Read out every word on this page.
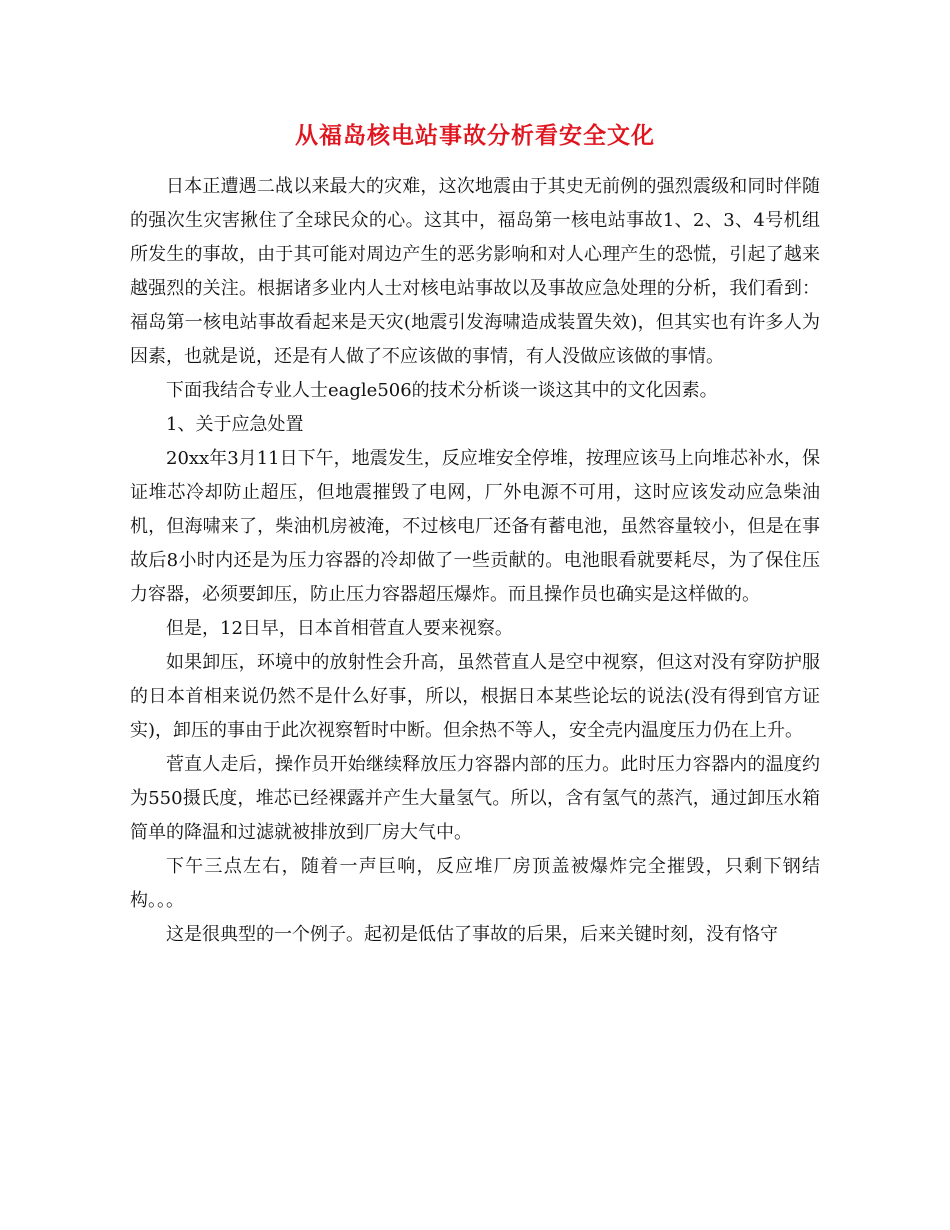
从福岛核电站事故分析看安全文化

日本正遭遇二战以来最大的灾难，这次地震由于其史无前例的强烈震级和同时伴随的强次生灾害揪住了全球民众的心。这其中，福岛第一核电站事故1、2、3、4号机组所发生的事故，由于其可能对周边产生的恶劣影响和对人心理产生的恐慌，引起了越来越强烈的关注。根据诸多业内人士对核电站事故以及事故应急处理的分析，我们看到：福岛第一核电站事故看起来是天灾(地震引发海啸造成装置失效)，但其实也有许多人为因素，也就是说，还是有人做了不应该做的事情，有人没做应该做的事情。

下面我结合专业人士eagle506的技术分析谈一谈这其中的文化因素。

1、关于应急处置

20xx年3月11日下午，地震发生，反应堆安全停堆，按理应该马上向堆芯补水，保证堆芯冷却防止超压，但地震摧毁了电网，厂外电源不可用，这时应该发动应急柴油机，但海啸来了，柴油机房被淹，不过核电厂还备有蓄电池，虽然容量较小，但是在事故后8小时内还是为压力容器的冷却做了一些贡献的。电池眼看就要耗尽，为了保住压力容器，必须要卸压，防止压力容器超压爆炸。而且操作员也确实是这样做的。

但是，12日早，日本首相菅直人要来视察。

如果卸压，环境中的放射性会升高，虽然菅直人是空中视察，但这对没有穿防护服的日本首相来说仍然不是什么好事，所以，根据日本某些论坛的说法(没有得到官方证实)，卸压的事由于此次视察暂时中断。但余热不等人，安全壳内温度压力仍在上升。

菅直人走后，操作员开始继续释放压力容器内部的压力。此时压力容器内的温度约为550摄氏度，堆芯已经裸露并产生大量氢气。所以，含有氢气的蒸汽，通过卸压水箱简单的降温和过滤就被排放到厂房大气中。

下午三点左右，随着一声巨响，反应堆厂房顶盖被爆炸完全摧毁，只剩下钢结构。。。

这是很典型的一个例子。起初是低估了事故的后果，后来关键时刻，没有恪守
